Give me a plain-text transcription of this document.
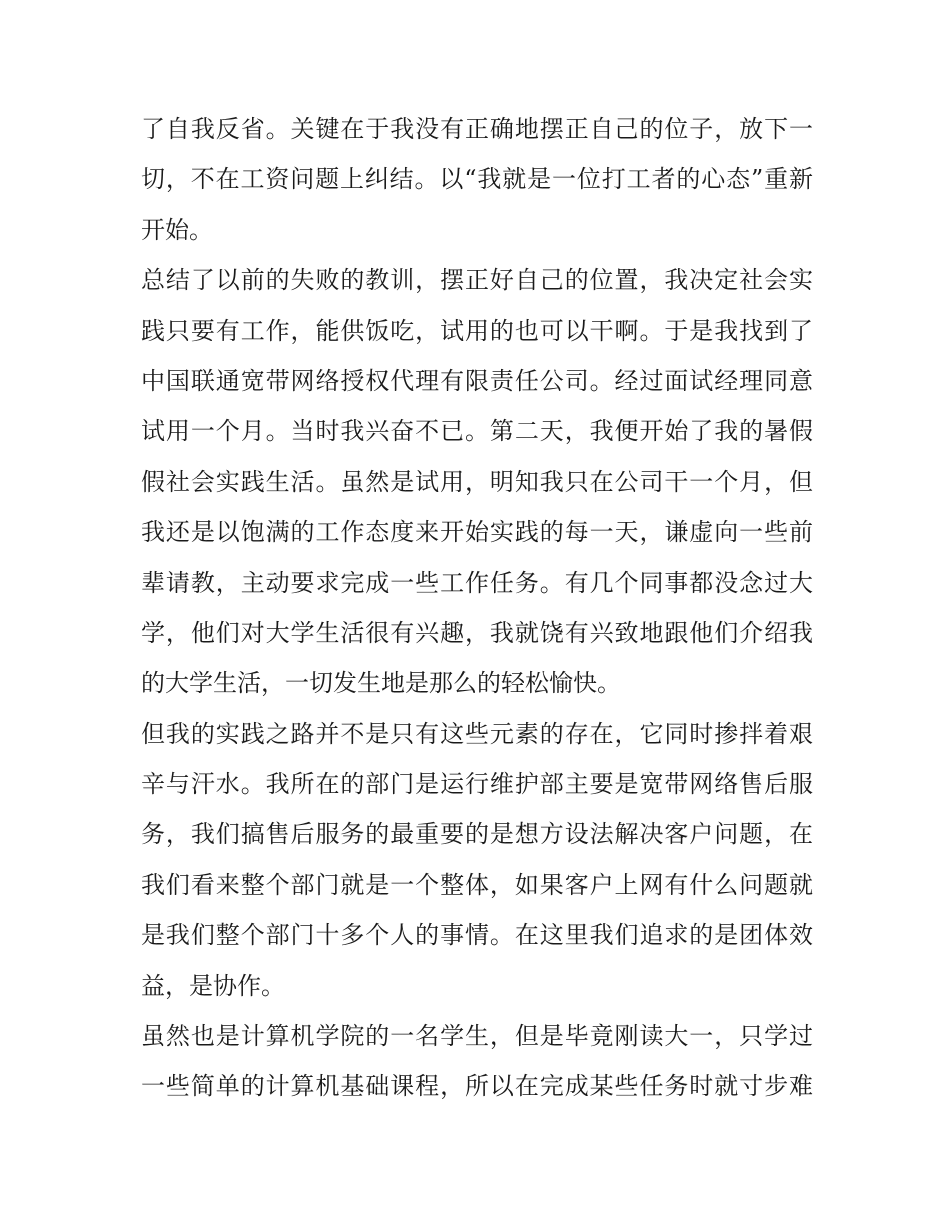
了自我反省。关键在于我没有正确地摆正自己的位子，放下一
切，不在工资问题上纠结。以“我就是一位打工者的心态”重新
开始。
总结了以前的失败的教训，摆正好自己的位置，我决定社会实
践只要有工作，能供饭吃，试用的也可以干啊。于是我找到了
中国联通宽带网络授权代理有限责任公司。经过面试经理同意
试用一个月。当时我兴奋不已。第二天，我便开始了我的暑假
假社会实践生活。虽然是试用，明知我只在公司干一个月，但
我还是以饱满的工作态度来开始实践的每一天，谦虚向一些前
辈请教，主动要求完成一些工作任务。有几个同事都没念过大
学，他们对大学生活很有兴趣，我就饶有兴致地跟他们介绍我
的大学生活，一切发生地是那么的轻松愉快。
但我的实践之路并不是只有这些元素的存在，它同时掺拌着艰
辛与汗水。我所在的部门是运行维护部主要是宽带网络售后服
务，我们搞售后服务的最重要的是想方设法解决客户问题，在
我们看来整个部门就是一个整体，如果客户上网有什么问题就
是我们整个部门十多个人的事情。在这里我们追求的是团体效
益，是协作。
虽然也是计算机学院的一名学生，但是毕竟刚读大一，只学过
一些简单的计算机基础课程，所以在完成某些任务时就寸步难
